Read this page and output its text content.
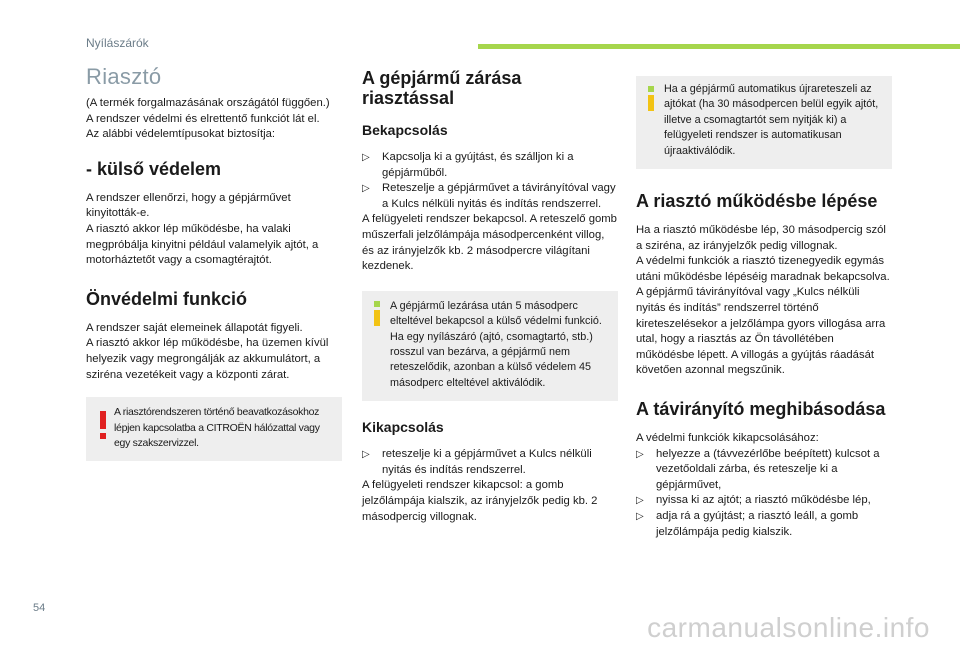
Nyílászárók
Riasztó

(A termék forgalmazásának országától függően.)

A rendszer védelmi és elrettentő funkciót lát el.

Az alábbi védelemtípusokat biztosítja:

- külső védelem

A rendszer ellenőrzi, hogy a gépjárművet kinyitották-e.

A riasztó akkor lép működésbe, ha valaki megpróbálja kinyitni például valamelyik ajtót, a motorháztetőt vagy a csomagtérajtót.

Önvédelmi funkció

A rendszer saját elemeinek állapotát figyeli.

A riasztó akkor lép működésbe, ha üzemen kívül helyezik vagy megrongálják az akkumulátort, a sziréna vezetékeit vagy a központi zárat.

A riasztórendszeren történő beavatkozásokhoz lépjen kapcsolatba a CITROËN hálózattal vagy egy szakszervizzel.

A gépjármű zárása riasztással
Bekapcsolás

▷ Kapcsolja ki a gyújtást, és szálljon ki a gépjárműből.

▷ Reteszelje a gépjárművet a távirányítóval vagy a Kulcs nélküli nyitás és indítás rendszerrel.

A felügyeleti rendszer bekapcsol. A reteszelő gomb műszerfali jelzőlámpája másodpercenként villog, és az irányjelzők kb. 2 másodpercre világítani kezdenek.

A gépjármű lezárása után 5 másodperc elteltével bekapcsol a külső védelmi funkció.

Ha egy nyílászáró (ajtó, csomagtartó, stb.) rosszul van bezárva, a gépjármű nem reteszelődik, azonban a külső védelem 45 másodperc elteltével aktiválódik.

Kikapcsolás

▷ reteszelje ki a gépjárművet a Kulcs nélküli nyitás és indítás rendszerrel.

A felügyeleti rendszer kikapcsol: a gomb jelzőlámpája kialszik, az irányjelzők pedig kb. 2 másodpercig villognak.

Ha a gépjármű automatikus újrareteszeli az ajtókat (ha 30 másodpercen belül egyik ajtót, illetve a csomagtartót sem nyitják ki) a felügyeleti rendszer is automatikusan újraaktiválódik.

A riasztó működésbe lépése

Ha a riasztó működésbe lép, 30 másodpercig szól a sziréna, az irányjelzők pedig villognak.

A védelmi funkciók a riasztó tizenegyedik egymás utáni működésbe lépéséig maradnak bekapcsolva.

A gépjármű távirányítóval vagy „Kulcs nélküli nyitás és indítás” rendszerrel történő kireteszelésekor a jelzőlámpa gyors villogása arra utal, hogy a riasztás az Ön távollétében működésbe lépett. A villogás a gyújtás ráadását követően azonnal megszűnik.

A távirányító meghibásodása

A védelmi funkciók kikapcsolásához:

▷ helyezze a (távvezérlőbe beépített) kulcsot a vezetőoldali zárba, és reteszelje ki a gépjárművet,

▷ nyissa ki az ajtót; a riasztó működésbe lép,

▷ adja rá a gyújtást; a riasztó leáll, a gomb jelzőlámpája pedig kialszik.

54
carmanualsonline.info
